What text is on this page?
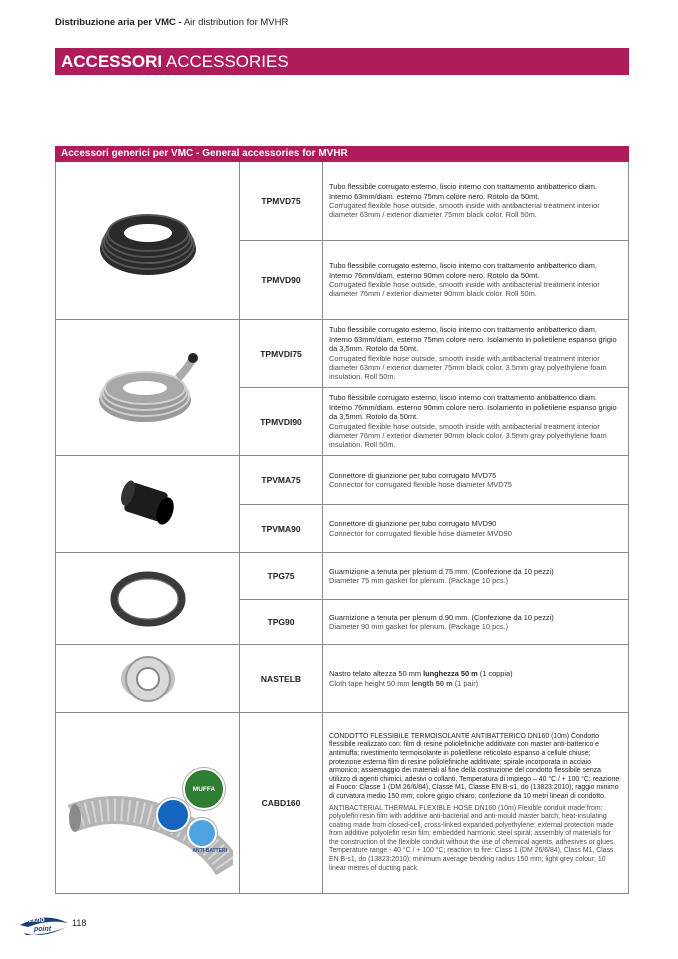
Distribuzione aria per VMC - Air distribution for MVHR
ACCESSORI ACCESSORIES
Accessori generici per VMC - General accessories for MVHR
TPMVD75
Tubo flessibile corrugato esterno, liscio interno con trattamento antibatterico diam. Interno 63mm/diam. esterno 75mm colore nero. Rotolo da 50mt.
Corrugated flexible hose outside, smooth inside with antibacterial treatment interior diameter 63mm / exterior diameter 75mm black color. Roll 50m.
TPMVD90
Tubo flessibile corrugato esterno, liscio interno con trattamento antibatterico diam. Interno 76mm/diam. esterno 90mm colore nero. Rotolo da 50mt.
Corrugated flexible hose outside, smooth inside with antibacterial treatment interior diameter 76mm / exterior diameter 90mm black color. Roll 50m.
TPMVDI75
Tubo flessibile corrugato esterno, liscio interno con trattamento antibatterico diam. Interno 63mm/diam. esterno 75mm colore nero. Isolamento in polietilene espanso grigio da 3,5mm. Rotolo da 50mt.
Corrugated flexible hose outside, smooth inside with antibacterial treatment interior diameter 63mm / exterior diameter 75mm black color. 3.5mm gray polyethylene foam insulation. Roll 50m.
TPMVDI90
Tubo flessibile corrugato esterno, liscio interno con trattamento antibatterico diam. Interno 76mm/diam. esterno 90mm colore nero. Isolamento in polietilene espanso grigio da 3,5mm. Rotolo da 50mt.
Corrugated flexible hose outside, smooth inside with antibacterial treatment interior diameter 76mm / exterior diameter 90mm black color. 3.5mm gray polyethylene foam insulation. Roll 50m.
TPVMA75	Connettore di giunzione per tubo corrugato MVD75
Connector for corrugated flexible hose diameter MVD75
TPVMA90	Connettore di giunzione per tubo corrugato MVD90
Connector for corrugated flexible hose diameter MVD90
TPG75	Guarnizione a tenuta per plenum d.75 mm. (Confezione da 10 pezzi)
Diameter 75 mm gasket for plenum. (Package 10 pcs.)
TPG90	Guarnizione a tenuta per plenum d.90 mm. (Confezione da 10 pezzi)
Diameter 90 mm gasket for plenum. (Package 10 pcs.)
NASTELB	Nastro telato altezza 50 mm lunghezza 50 m (1 coppia)
Cloth tape height 50 mm length 50 m (1 pair)
MUFFA
ANTI-BATTERI
CABD160
CONDOTTO FLESSIBILE TERMOISOLANTE ANTIBATTERICO DN160 (10m) Condotto flessibile realizzato con: film di resine poliolefiniche additivate con master anti-batterico e antimuffa; rivestimento termoisolante in polietilene reticolato espanso a cellule chiuse; protezione esterna film di resine poliolefiniche additivate; spirale incorporata in acciaio armonico; assiemaggio dei materiali al fine della costruzione del condotto flessibile senza utilizzo di agenti chimici, adesivi o collanti. Temperatura di impiego – 40 °C / + 100 °C; reazione al Fuoco: Classe 1 (DM 26/6/84), Classe M1, Classe EN B-s1, do (13823:2010); raggio minimo di curvatura medio 150 mm; colore grigio chiaro; confezione da 10 metri lineari di condotto.
ANTIBACTERIAL THERMAL FLEXIBLE HOSE DN160 (10m) Flexible conduit made from: polyolefin resin film with additive anti-bacterial and anti-mould master batch; heat-insulating coating made from closed-cell, cross-linked expanded polyethylene; external protection made from additive polyolefin resin film; embedded harmonic steel spiral; assembly of materials for the construction of the flexible conduit without the use of chemical agents, adhesives or glues. Temperature range - 40 °C / + 100 °C; reaction to fire: Class 1 (DM 26/6/84), Class M1, Class EN B-s1, do (13823:2010); minimum average bending radius 150 mm; light grey colour; 10 linear metres of ducting pack.
tekno
point
118
